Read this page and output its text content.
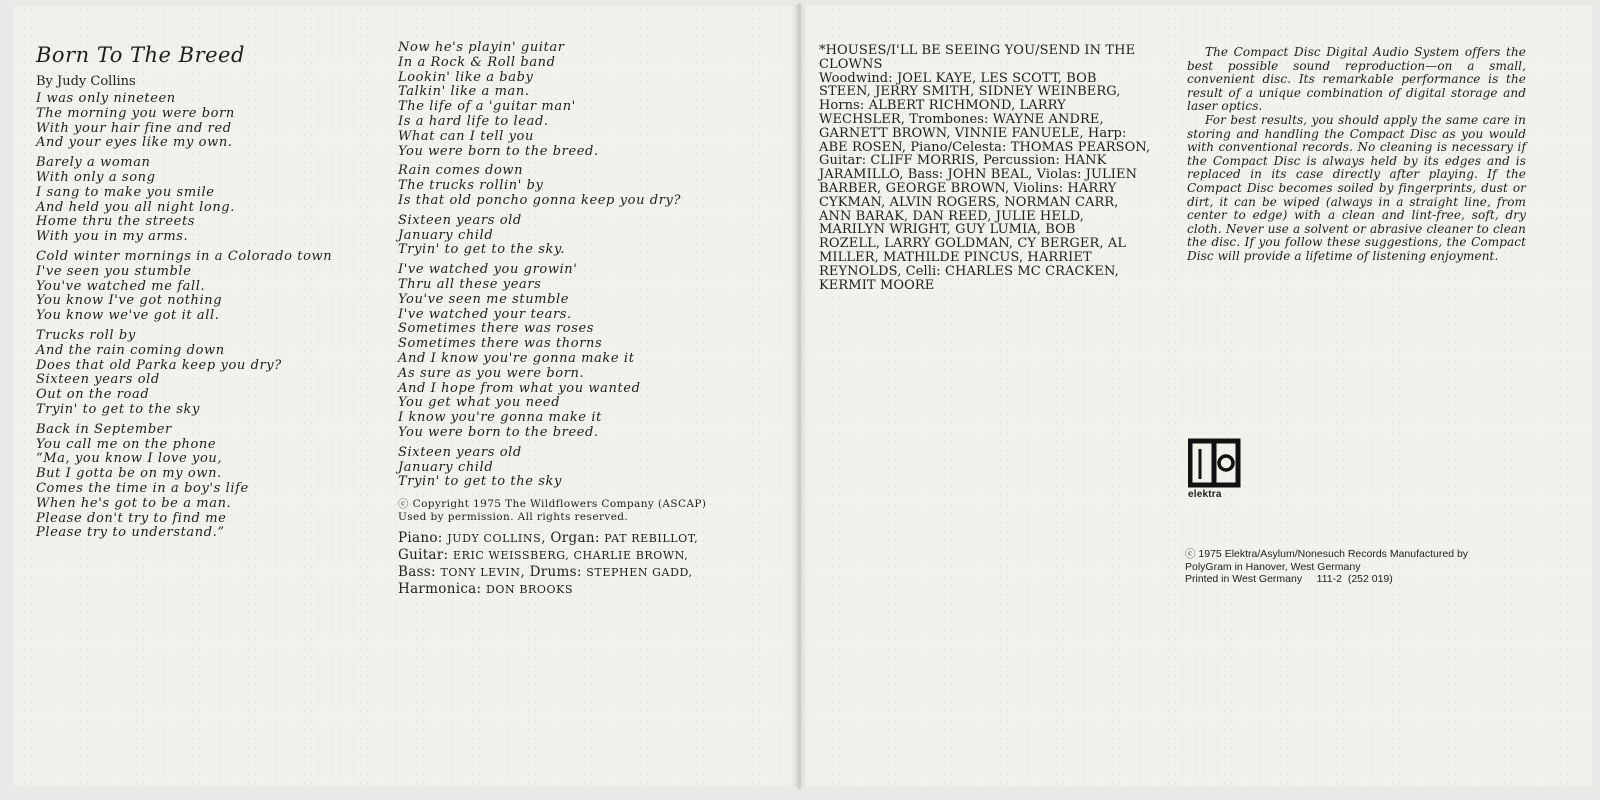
Born To The Breed
By Judy Collins
I was only nineteen
The morning you were born
With your hair fine and red
And your eyes like my own.
Barely a woman
With only a song
I sang to make you smile
And held you all night long.
Home thru the streets
With you in my arms.
Cold winter mornings in a Colorado town
I've seen you stumble
You've watched me fall.
You know I've got nothing
You know we've got it all.
Trucks roll by
And the rain coming down
Does that old Parka keep you dry?
Sixteen years old
Out on the road
Tryin' to get to the sky
Back in September
You call me on the phone
“Ma, you know I love you,
But I gotta be on my own.
Comes the time in a boy's life
When he's got to be a man.
Please don't try to find me
Please try to understand.”
Now he's playin' guitar
In a Rock & Roll band
Lookin' like a baby
Talkin' like a man.
The life of a 'guitar man'
Is a hard life to lead.
What can I tell you
You were born to the breed.
Rain comes down
The trucks rollin' by
Is that old poncho gonna keep you dry?
Sixteen years old
January child
Tryin' to get to the sky.
I've watched you growin'
Thru all these years
You've seen me stumble
I've watched your tears.
Sometimes there was roses
Sometimes there was thorns
And I know you're gonna make it
As sure as you were born.
And I hope from what you wanted
You get what you need
I know you're gonna make it
You were born to the breed.
Sixteen years old
January child
Tryin' to get to the sky
ⓒ Copyright 1975 The Wildflowers Company (ASCAP)
Used by permission. All rights reserved.
Piano: JUDY COLLINS, Organ: PAT REBILLOT,
Guitar: ERIC WEISSBERG, CHARLIE BROWN,
Bass: TONY LEVIN, Drums: STEPHEN GADD,
Harmonica: DON BROOKS
*HOUSES/I'LL BE SEEING YOU/SEND IN THE
CLOWNS
Woodwind: JOEL KAYE, LES SCOTT, BOB
STEEN, JERRY SMITH, SIDNEY WEINBERG,
Horns: ALBERT RICHMOND, LARRY
WECHSLER, Trombones: WAYNE ANDRE,
GARNETT BROWN, VINNIE FANUELE, Harp:
ABE ROSEN, Piano/Celesta: THOMAS PEARSON,
Guitar: CLIFF MORRIS, Percussion: HANK
JARAMILLO, Bass: JOHN BEAL, Violas: JULIEN
BARBER, GEORGE BROWN, Violins: HARRY
CYKMAN, ALVIN ROGERS, NORMAN CARR,
ANN BARAK, DAN REED, JULIE HELD,
MARILYN WRIGHT, GUY LUMIA, BOB
ROZELL, LARRY GOLDMAN, CY BERGER, AL
MILLER, MATHILDE PINCUS, HARRIET
REYNOLDS, Celli: CHARLES MC CRACKEN,
KERMIT MOORE

The Compact Disc Digital Audio System offers the best possible sound reproduction—on a small, convenient disc. Its remarkable performance is the result of a unique combination of digital storage and laser optics.

For best results, you should apply the same care in storing and handling the Compact Disc as you would with conventional records. No cleaning is necessary if the Compact Disc is always held by its edges and is replaced in its case directly after playing. If the Compact Disc becomes soiled by fingerprints, dust or dirt, it can be wiped (always in a straight line, from center to edge) with a clean and lint-free, soft, dry cloth. Never use a solvent or abrasive cleaner to clean the disc. If you follow these suggestions, the Compact Disc will provide a lifetime of listening enjoyment.

elektra
ⓒ 1975 Elektra/Asylum/Nonesuch Records Manufactured by
PolyGram in Hanover, West Germany
Printed in West Germany     111-2  (252 019)
